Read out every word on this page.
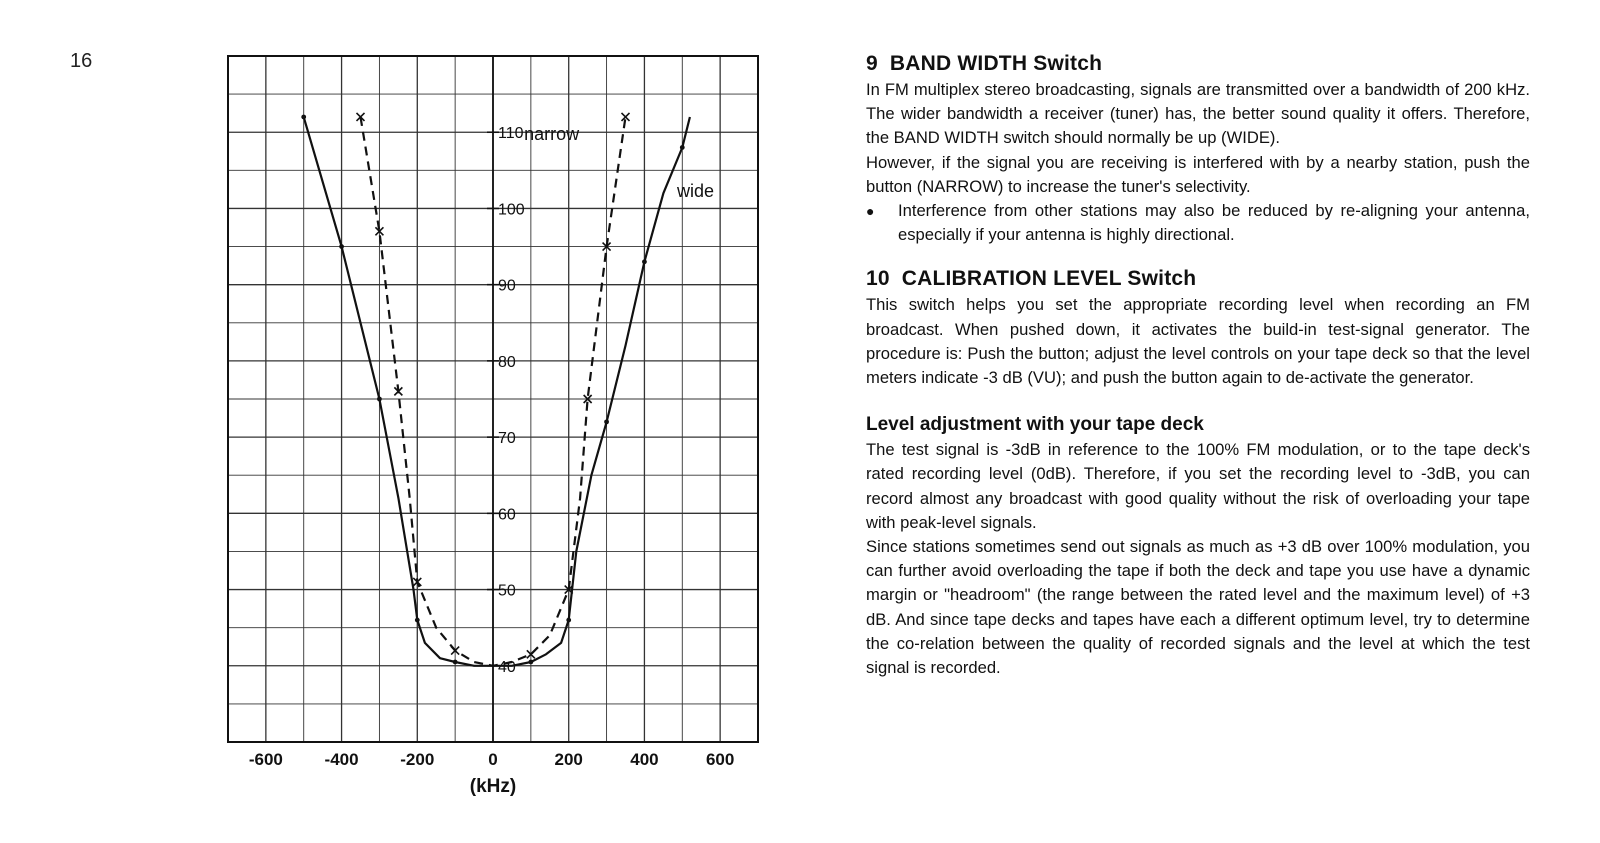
16
-600 -400 -200	0	200	400	600
(kHz)
40
50
60
70
80
90
100
110 narrow
wide
9 BAND WIDTH Switch

In FM multiplex stereo broadcasting, signals are transmitted over a bandwidth of 200 kHz. The wider bandwidth a receiver (tuner) has, the better sound quality it offers. Therefore, the BAND WIDTH switch should normally be up (WIDE).

However, if the signal you are receiving is interfered with by a nearby station, push the button (NARROW) to increase the tuner's selectivity.

●	Interference from other stations may also be reduced by re-aligning your antenna, especially if your antenna is highly directional.

10 CALIBRATION LEVEL Switch

This switch helps you set the appropriate recording level when recording an FM broadcast. When pushed down, it activates the build-in test-signal generator. The procedure is: Push the button; adjust the level controls on your tape deck so that the level meters indicate -3 dB (VU); and push the button again to de-activate the generator.

Level adjustment with your tape deck

The test signal is -3dB in reference to the 100% FM modulation, or to the tape deck's rated recording level (0dB). Therefore, if you set the recording level to -3dB, you can record almost any broadcast with good quality without the risk of overloading your tape with peak-level signals.

Since stations sometimes send out signals as much as +3 dB over 100% modulation, you can further avoid overloading the tape if both the deck and tape you use have a dynamic margin or "headroom" (the range between the rated level and the maximum level) of +3 dB. And since tape decks and tapes have each a different optimum level, try to determine the co-relation between the quality of recorded signals and the level at which the test signal is recorded.
